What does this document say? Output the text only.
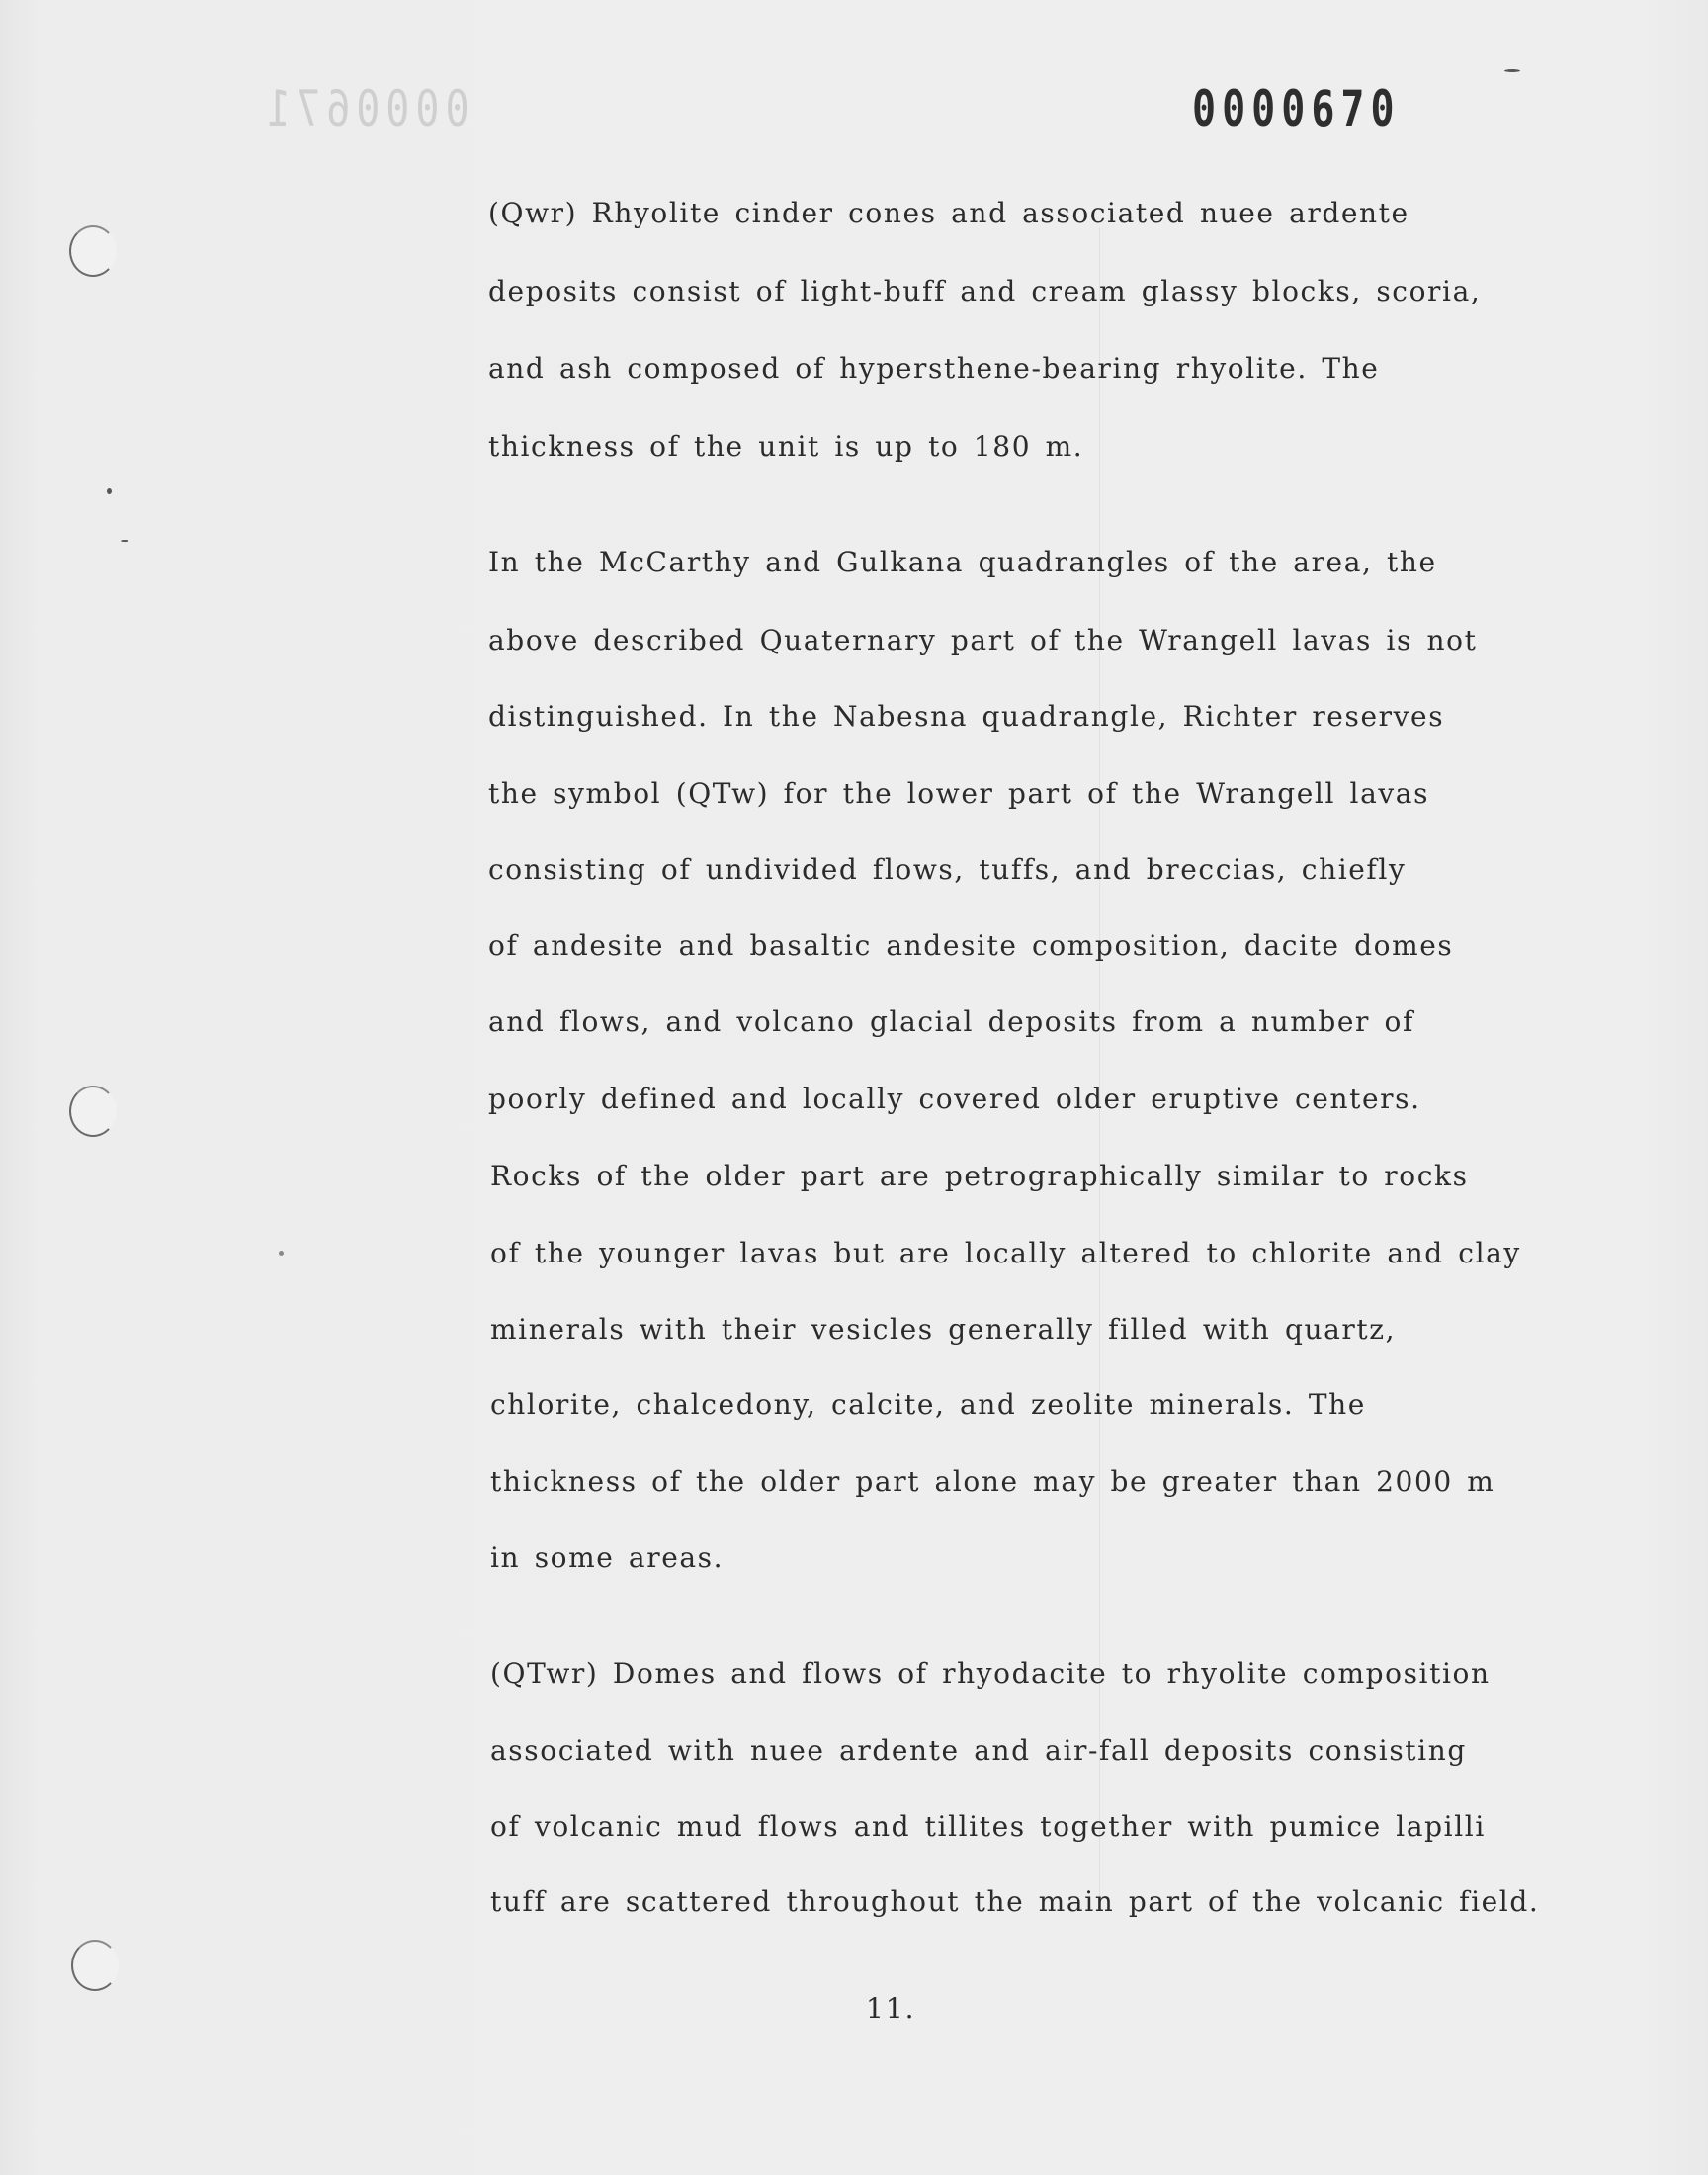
0000671	0000670
(Qwr) Rhyolite cinder cones and associated nuee ardente
deposits consist of light-buff and cream glassy blocks, scoria,
and ash composed of hypersthene-bearing rhyolite. The
thickness of the unit is up to 180 m.
In the McCarthy and Gulkana quadrangles of the area, the
above described Quaternary part of the Wrangell lavas is not
distinguished. In the Nabesna quadrangle, Richter reserves
the symbol (QTw) for the lower part of the Wrangell lavas
consisting of undivided flows, tuffs, and breccias, chiefly
of andesite and basaltic andesite composition, dacite domes
and flows, and volcano glacial deposits from a number of
poorly defined and locally covered older eruptive centers.
Rocks of the older part are petrographically similar to rocks
of the younger lavas but are locally altered to chlorite and clay
minerals with their vesicles generally filled with quartz,
chlorite, chalcedony, calcite, and zeolite minerals. The
thickness of the older part alone may be greater than 2000 m
in some areas.
(QTwr) Domes and flows of rhyodacite to rhyolite composition
associated with nuee ardente and air-fall deposits consisting
of volcanic mud flows and tillites together with pumice lapilli
tuff are scattered throughout the main part of the volcanic field.
11.
